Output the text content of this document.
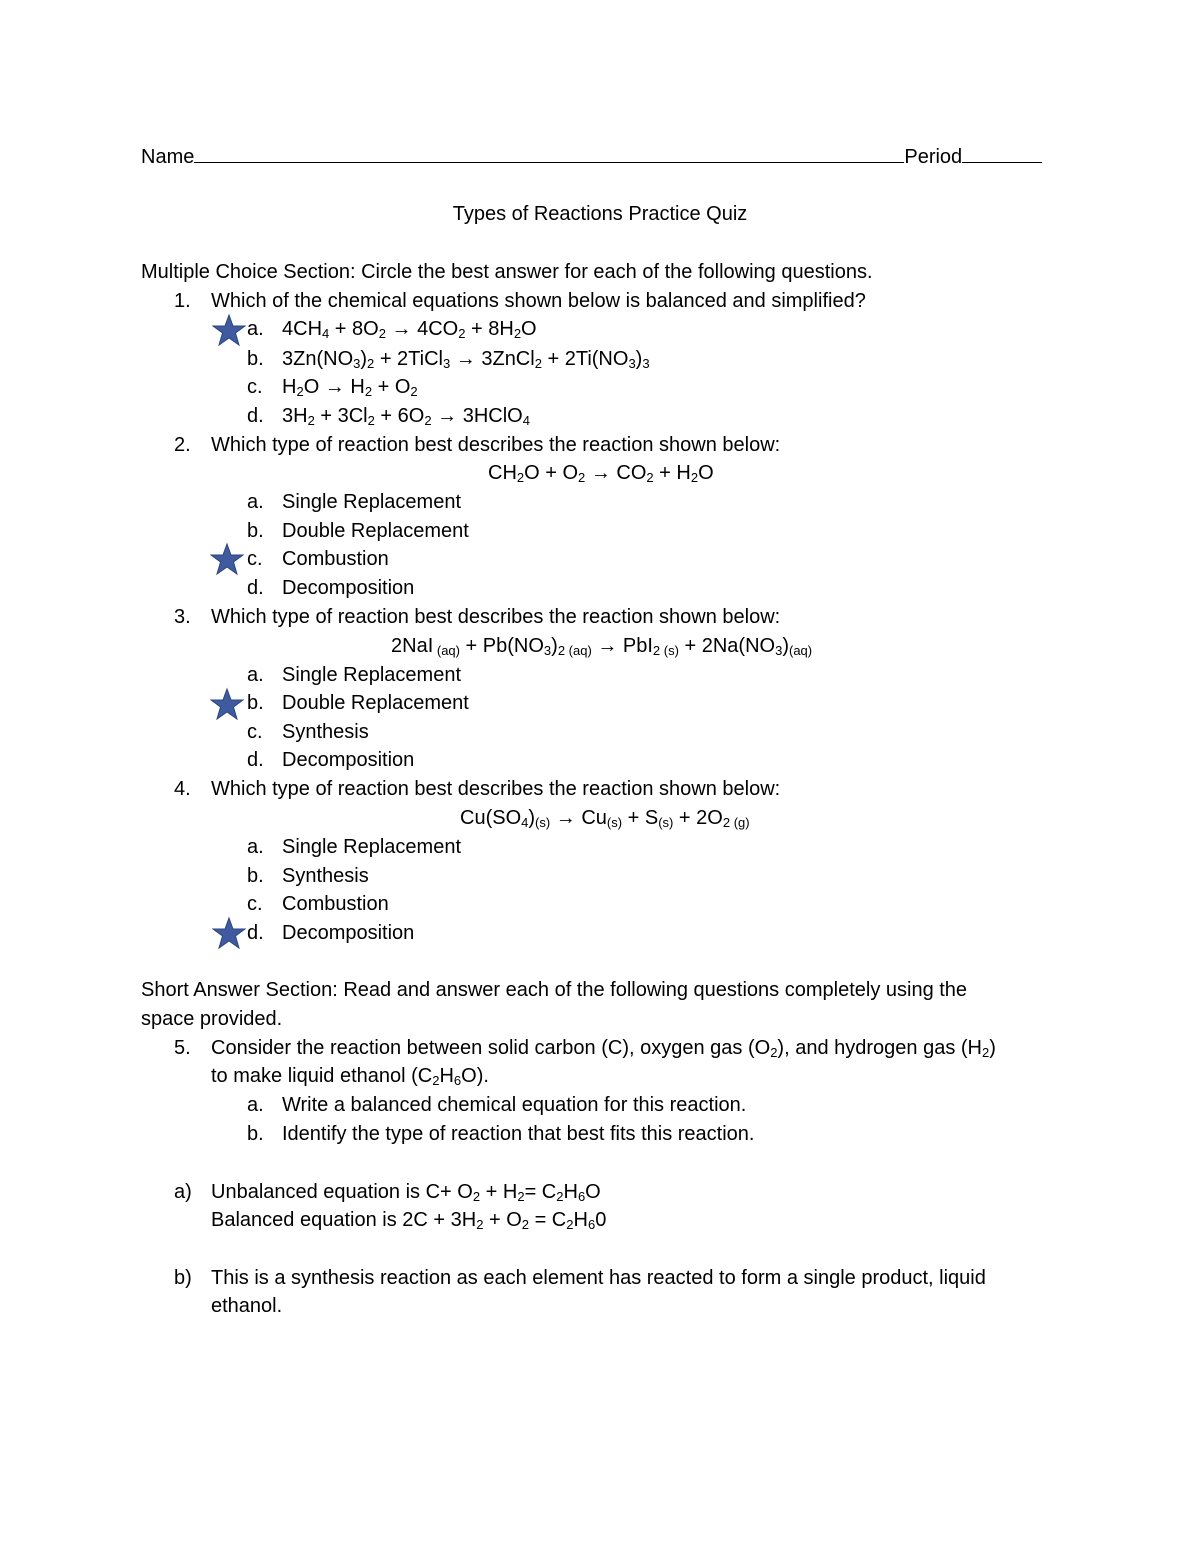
Name	Period
Types of Reactions Practice Quiz
Multiple Choice Section: Circle the best answer for each of the following questions.
1. Which of the chemical equations shown below is balanced and simplified?
a. $4CH_4 + 8O_2 \to 4CO_2 + 8H_2O$
b. $3Zn(NO_3)_2$ + 2TiCl$_3$ → 3ZnCl$_2$ + $2Ti(NO_3)_3$
c. $H_2O \to H_2 + O_2$
d. $3H_2 + 3Cl_2 + 6O_2$ → 3HClO$_4$
2. Which type of reaction best describes the reaction shown below:
$CH_2O + O_2 \to CO_2 + H_2O$
a. Single Replacement
b. Double Replacement
c. Combustion
d. Decomposition
3. Which type of reaction best describes the reaction shown below:
2NaI $_{(aq)} + Pb(NO_3)_{2 (aq)} \to PbI_{2 (s)} + 2Na(NO_3)_{(aq)}$
a. Single Replacement
b. Double Replacement
c. Synthesis
d. Decomposition
4. Which type of reaction best describes the reaction shown below:
$Cu(SO_4)_{(s)} \to Cu_{(s)} + S_{(s)} + 2O_{2 (g)}$
a. Single Replacement
b. Synthesis
c. Combustion
d. Decomposition
Short Answer Section: Read and answer each of the following questions completely using the
space provided.
5. Consider the reaction between solid carbon (C), oxygen gas $(O_2)$, and hydrogen gas $(H_2)$
to make liquid ethanol $(C_2H_6O)$.
a. Write a balanced chemical equation for this reaction.
b. Identify the type of reaction that best fits this reaction.
a) Unbalanced equation is $C+ O_2 + H_2= C_2H_6O$
Balanced equation is $2C + 3H_2 + O_2 = C_2H_60$
b) This is a synthesis reaction as each element has reacted to form a single product, liquid
ethanol.
